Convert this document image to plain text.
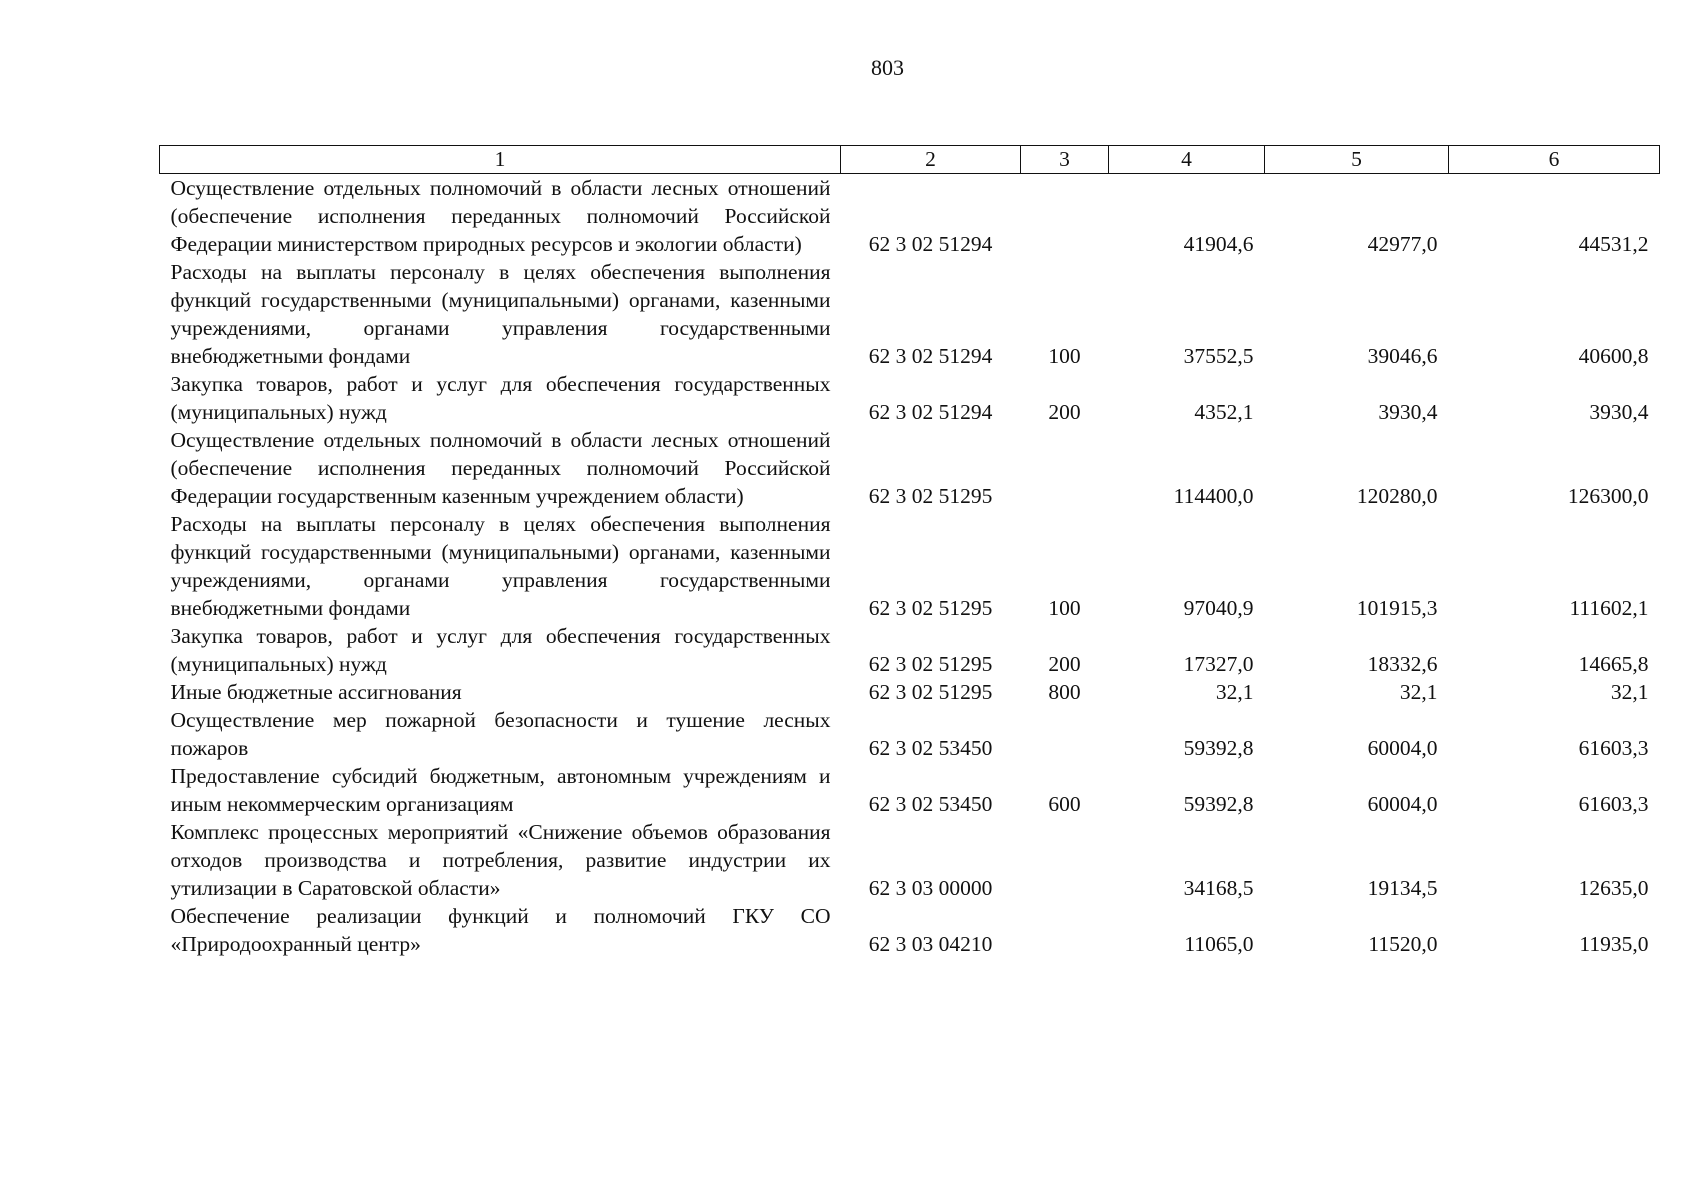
803
1	2	3	4	5	6
Осуществление отдельных полномочий в области лесных отношений (обеспечение исполнения переданных полномочий Российской Федерации министерством природных ресурсов и экологии области)	62 3 02 51294		41904,6	42977,0	44531,2
Расходы на выплаты персоналу в целях обеспечения выполнения функций государственными (муниципальными) органами, казенными учреждениями, органами управления государственными внебюджетными фондами	62 3 02 51294	100	37552,5	39046,6	40600,8
Закупка товаров, работ и услуг для обеспечения государственных (муниципальных) нужд	62 3 02 51294	200	4352,1	3930,4	3930,4
Осуществление отдельных полномочий в области лесных отношений (обеспечение исполнения переданных полномочий Российской Федерации государственным казенным учреждением области)	62 3 02 51295		114400,0	120280,0	126300,0
Расходы на выплаты персоналу в целях обеспечения выполнения функций государственными (муниципальными) органами, казенными учреждениями, органами управления государственными внебюджетными фондами	62 3 02 51295	100	97040,9	101915,3	111602,1
Закупка товаров, работ и услуг для обеспечения государственных (муниципальных) нужд	62 3 02 51295	200	17327,0	18332,6	14665,8
Иные бюджетные ассигнования	62 3 02 51295	800	32,1	32,1	32,1
Осуществление мер пожарной безопасности и тушение лесных пожаров	62 3 02 53450		59392,8	60004,0	61603,3
Предоставление субсидий бюджетным, автономным учреждениям и иным некоммерческим организациям	62 3 02 53450	600	59392,8	60004,0	61603,3
Комплекс процессных мероприятий «Снижение объемов образования отходов производства и потребления, развитие индустрии их утилизации в Саратовской области»	62 3 03 00000		34168,5	19134,5	12635,0
Обеспечение реализации функций и полномочий ГКУ СО «Природоохранный центр»	62 3 03 04210		11065,0	11520,0	11935,0
